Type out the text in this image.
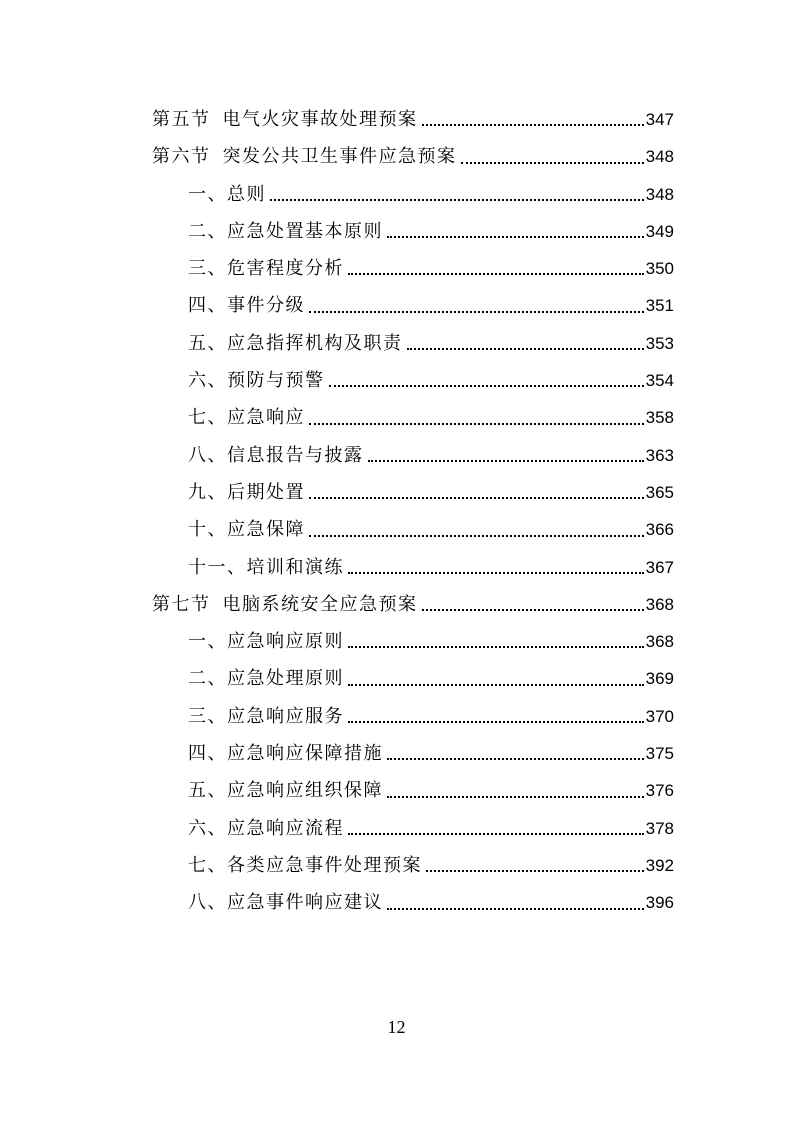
第五节 电气火灾事故处理预案	347
第六节 突发公共卫生事件应急预案	348
一、总则	348
二、应急处置基本原则	349
三、危害程度分析	350
四、事件分级	351
五、应急指挥机构及职责	353
六、预防与预警	354
七、应急响应	358
八、信息报告与披露	363
九、后期处置	365
十、应急保障	366
十一、培训和演练	367
第七节 电脑系统安全应急预案	368
一、应急响应原则	368
二、应急处理原则	369
三、应急响应服务	370
四、应急响应保障措施	375
五、应急响应组织保障	376
六、应急响应流程	378
七、各类应急事件处理预案	392
八、应急事件响应建议	396
12
